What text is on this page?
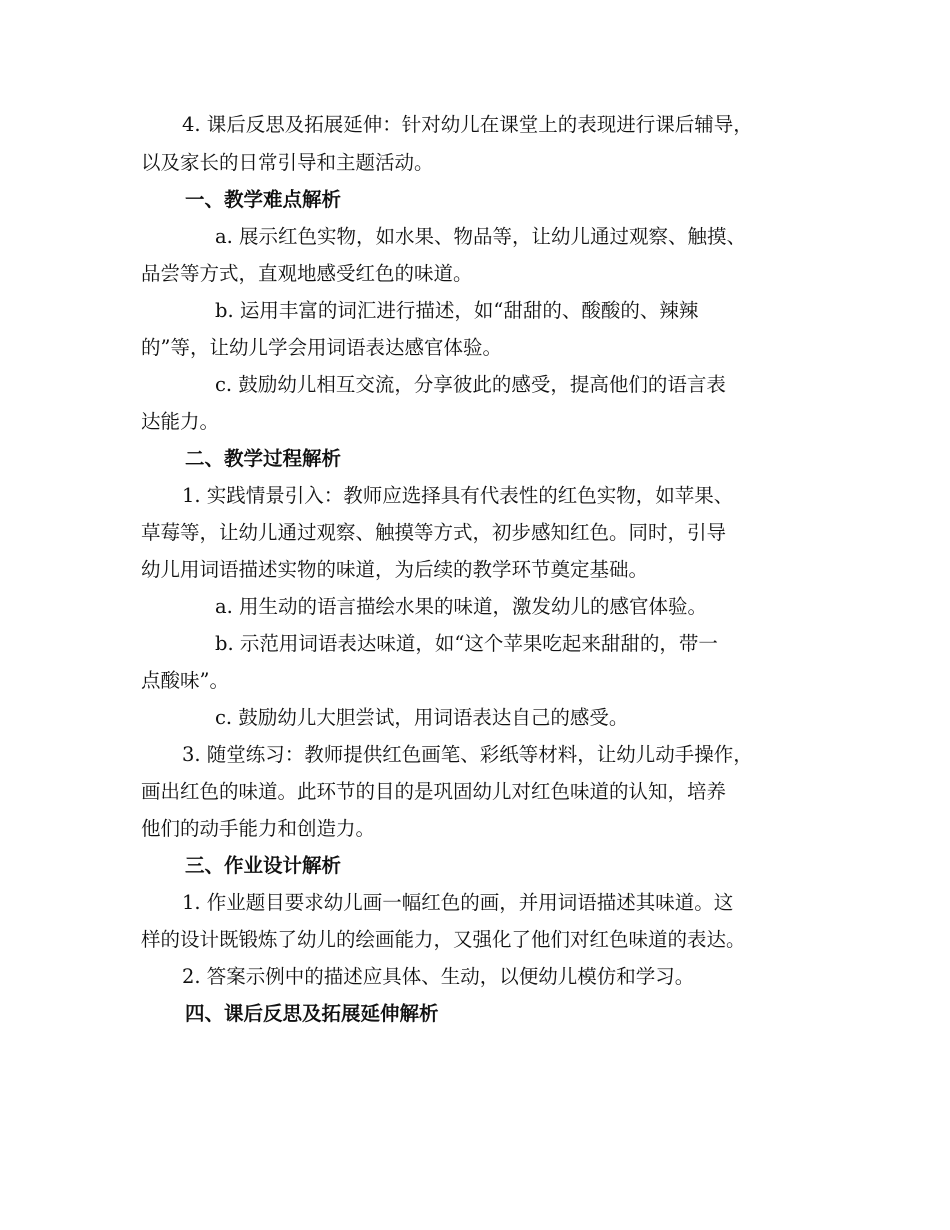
4. 课后反思及拓展延伸：针对幼儿在课堂上的表现进行课后辅导，
以及家长的日常引导和主题活动。
一、教学难点解析
a. 展示红色实物，如水果、物品等，让幼儿通过观察、触摸、
品尝等方式，直观地感受红色的味道。
b. 运用丰富的词汇进行描述，如“甜甜的、酸酸的、辣辣
的”等，让幼儿学会用词语表达感官体验。
c. 鼓励幼儿相互交流，分享彼此的感受，提高他们的语言表
达能力。
二、教学过程解析
1. 实践情景引入：教师应选择具有代表性的红色实物，如苹果、
草莓等，让幼儿通过观察、触摸等方式，初步感知红色。同时，引导
幼儿用词语描述实物的味道，为后续的教学环节奠定基础。
a. 用生动的语言描绘水果的味道，激发幼儿的感官体验。
b. 示范用词语表达味道，如“这个苹果吃起来甜甜的，带一
点酸味”。
c. 鼓励幼儿大胆尝试，用词语表达自己的感受。
3. 随堂练习：教师提供红色画笔、彩纸等材料，让幼儿动手操作，
画出红色的味道。此环节的目的是巩固幼儿对红色味道的认知，培养
他们的动手能力和创造力。
三、作业设计解析
1. 作业题目要求幼儿画一幅红色的画，并用词语描述其味道。这
样的设计既锻炼了幼儿的绘画能力，又强化了他们对红色味道的表达。
2. 答案示例中的描述应具体、生动，以便幼儿模仿和学习。
四、课后反思及拓展延伸解析
